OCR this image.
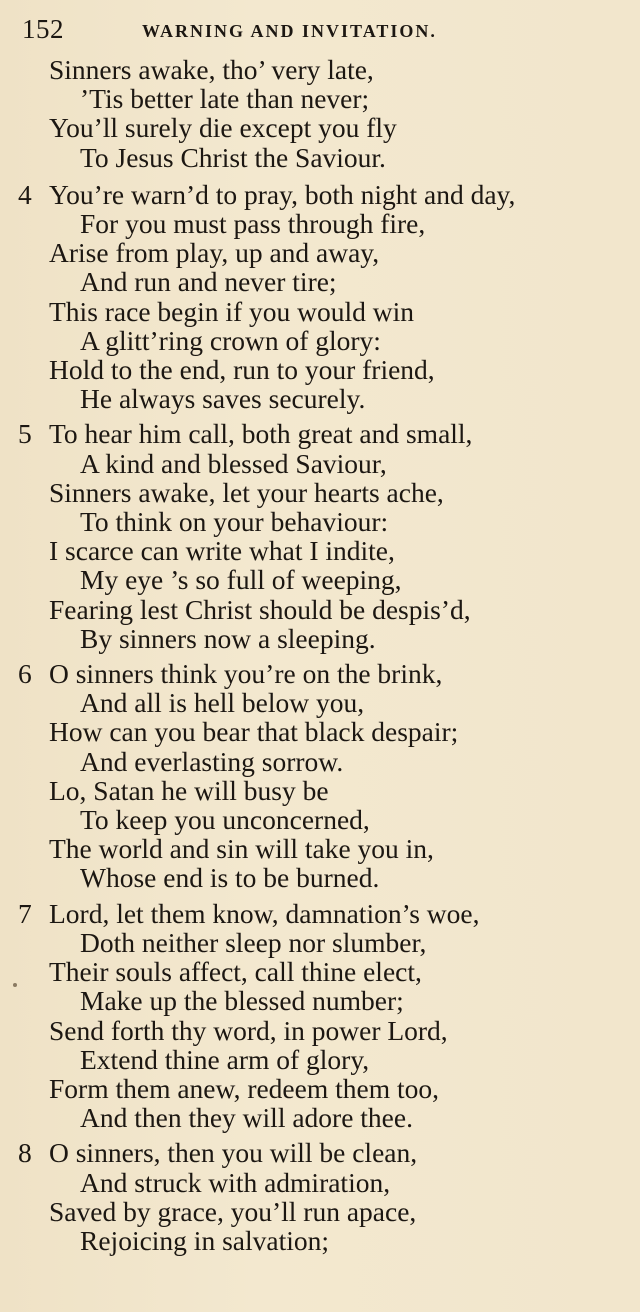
152	WARNING AND INVITATION.
Sinners awake, tho’ very late,
’Tis better late than never;
You’ll surely die except you fly
To Jesus Christ the Saviour.
4 You’re warn’d to pray, both night and day,
For you must pass through fire,
Arise from play, up and away,
And run and never tire;
This race begin if you would win
A glitt’ring crown of glory:
Hold to the end, run to your friend,
He always saves securely.
5 To hear him call, both great and small,
A kind and blessed Saviour,
Sinners awake, let your hearts ache,
To think on your behaviour:
I scarce can write what I indite,
My eye ’s so full of weeping,
Fearing lest Christ should be despis’d,
By sinners now a sleeping.
6 O sinners think you’re on the brink,
And all is hell below you,
How can you bear that black despair;
And everlasting sorrow.
Lo, Satan he will busy be
To keep you unconcerned,
The world and sin will take you in,
Whose end is to be burned.
7 Lord, let them know, damnation’s woe,
Doth neither sleep nor slumber,
Their souls affect, call thine elect,
Make up the blessed number;
Send forth thy word, in power Lord,
Extend thine arm of glory,
Form them anew, redeem them too,
And then they will adore thee.
8 O sinners, then you will be clean,
And struck with admiration,
Saved by grace, you’ll run apace,
Rejoicing in salvation;
